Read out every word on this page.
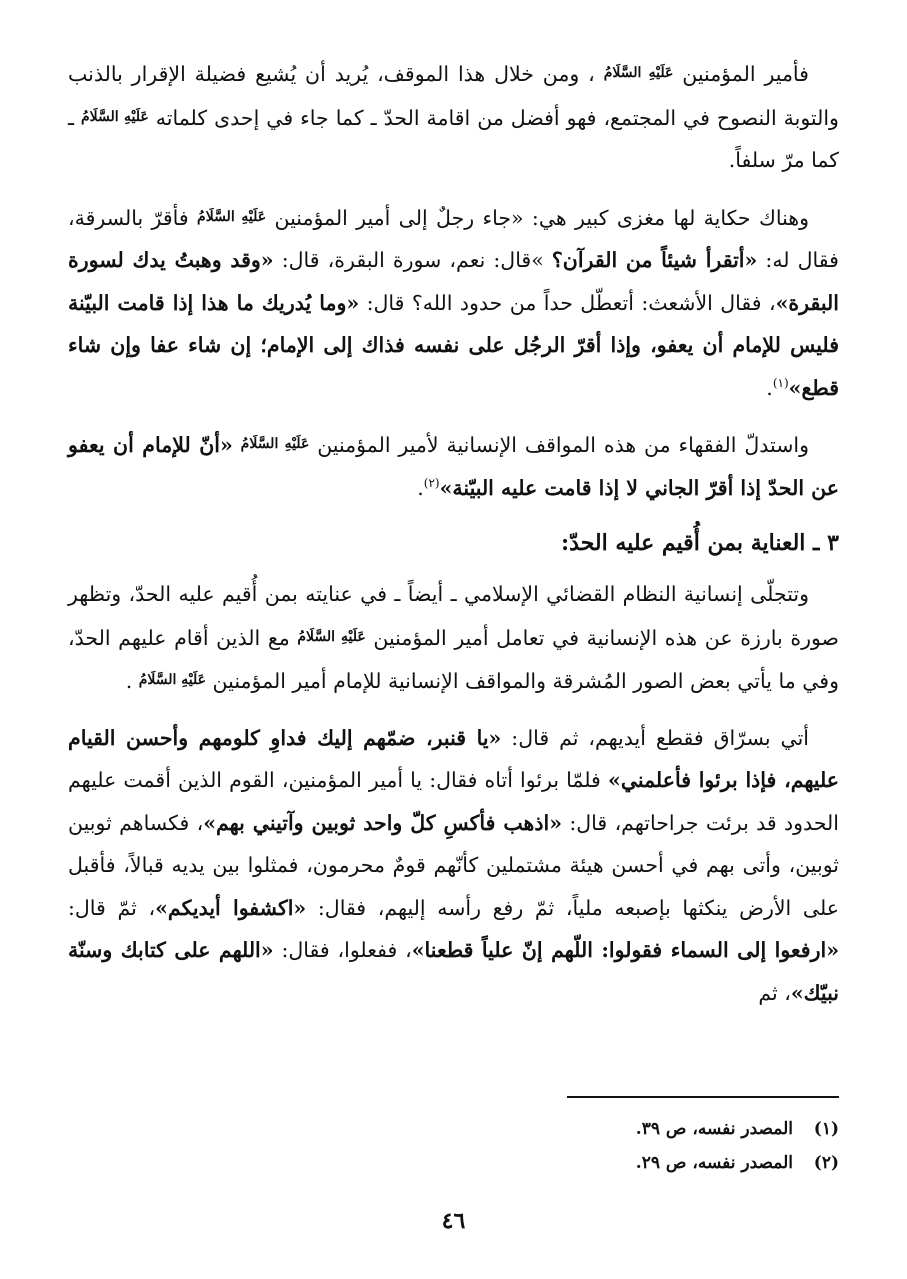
فأمير المؤمنين عَلَيْهِ السَّلَامُ ، ومن خلال هذا الموقف، يُريد أن يُشيع فضيلة الإقرار بالذنب والتوبة النصوح في المجتمع، فهو أفضل من اقامة الحدّ ـ كما جاء في إحدى كلماته عَلَيْهِ السَّلَامُ ـ كما مرّ سلفاً.

وهناك حكاية لها مغزى كبير هي: «جاء رجلٌ إلى أمير المؤمنين عَلَيْهِ السَّلَامُ فأقرّ بالسرقة، فقال له: «أتقرأ شيئاً من القرآن؟ »قال: نعم، سورة البقرة، قال: «وقد وهبتُ يدك لسورة البقرة»، فقال الأشعث: أتعطّل حداً من حدود الله؟ قال: «وما يُدريك ما هذا إذا قامت البيّنة فليس للإمام أن يعفو، وإذا أقرّ الرجُل على نفسه فذاك إلى الإمام؛ إن شاء عفا وإن شاء قطع»$^{(١)}$.

واستدلّ الفقهاء من هذه المواقف الإنسانية لأمير المؤمنين عَلَيْهِ السَّلَامُ «أنّ للإمام أن يعفو عن الحدّ إذا أقرّ الجاني لا إذا قامت عليه البيّنة»$^{(٢)}$.

٣ ـ العناية بمن أُقيم عليه الحدّ:

وتتجلّى إنسانية النظام القضائي الإسلامي ـ أيضاً ـ في عنايته بمن أُقيم عليه الحدّ، وتظهر صورة بارزة عن هذه الإنسانية في تعامل أمير المؤمنين عَلَيْهِ السَّلَامُ مع الذين أقام عليهم الحدّ، وفي ما يأتي بعض الصور المُشرقة والمواقف الإنسانية للإمام أمير المؤمنين عَلَيْهِ السَّلَامُ .

أتي بسرّاق فقطع أيديهم، ثم قال: «يا قنبر، ضمّهم إليك فداوِ كلومهم وأحسن القيام عليهم، فإذا برئوا فأعلمني» فلمّا برئوا أتاه فقال: يا أمير المؤمنين، القوم الذين أقمت عليهم الحدود قد برئت جراحاتهم، قال: «اذهب فأكسِ كلّ واحد ثوبين وآتيني بهم»، فكساهم ثوبين ثوبين، وأتى بهم في أحسن هيئة مشتملين كأنّهم قومٌ محرمون، فمثلوا بين يديه قبالاً، فأقبل على الأرض ينكثها بإصبعه ملياً، ثمّ رفع رأسه إليهم، فقال: «اكشفوا أيديكم»، ثمّ قال: «ارفعوا إلى السماء فقولوا: اللّهم إنّ علياً قطعنا»، ففعلوا، فقال: «اللهم على كتابك وسنّة نبيّك»، ثم

(١)المصدر نفسه، ص ٣٩.

(٢)المصدر نفسه، ص ٢٩.

٤٦
